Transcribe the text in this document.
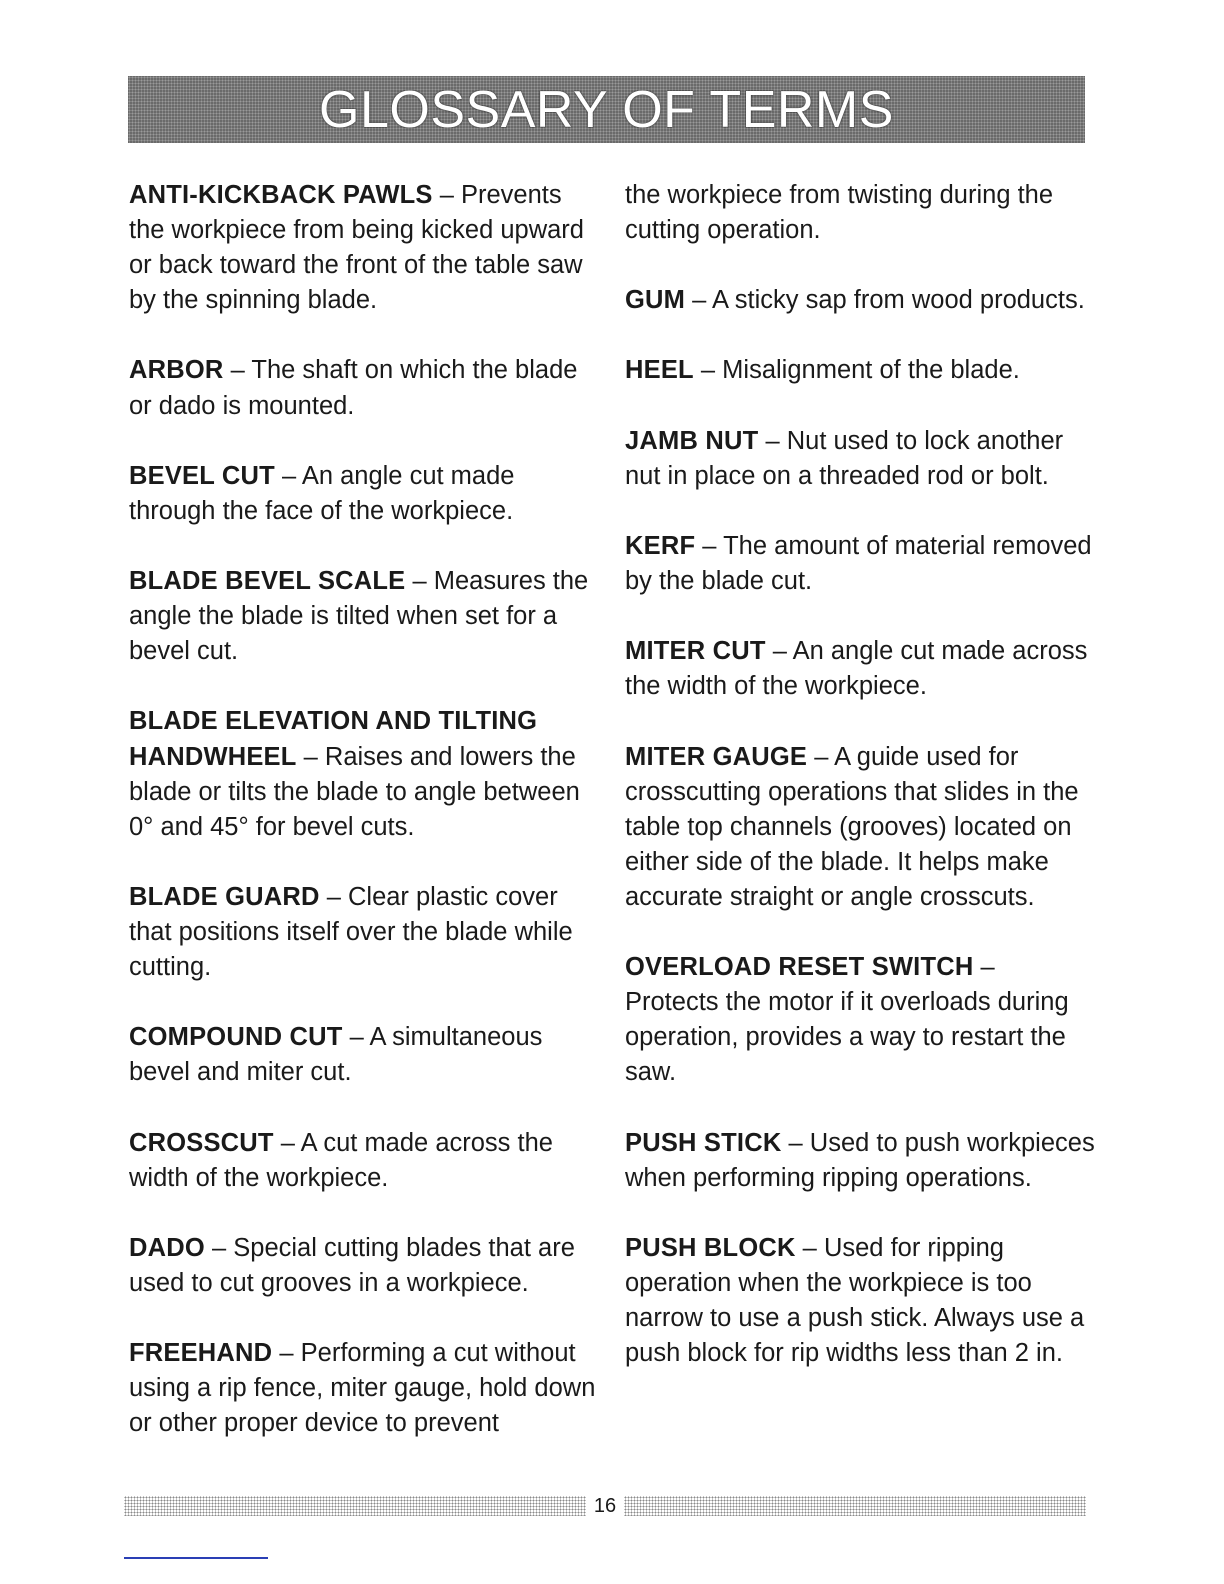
GLOSSARY OF TERMS

ANTI-KICKBACK PAWLS – Prevents the workpiece from being kicked upward or back toward the front of the table saw by the spinning blade.

ARBOR – The shaft on which the blade or dado is mounted.

BEVEL CUT – An angle cut made through the face of the workpiece.

BLADE BEVEL SCALE – Measures the angle the blade is tilted when set for a bevel cut.

BLADE ELEVATION AND TILTING HANDWHEEL – Raises and lowers the blade or tilts the blade to angle between 0° and 45° for bevel cuts.

BLADE GUARD – Clear plastic cover that positions itself over the blade while cutting.

COMPOUND CUT – A simultaneous bevel and miter cut.

CROSSCUT – A cut made across the width of the workpiece.

DADO – Special cutting blades that are used to cut grooves in a workpiece.

FREEHAND – Performing a cut without using a rip fence, miter gauge, hold down or other proper device to prevent

the workpiece from twisting during the cutting operation.

GUM – A sticky sap from wood products.

HEEL – Misalignment of the blade.

JAMB NUT – Nut used to lock another nut in place on a threaded rod or bolt.

KERF – The amount of material removed by the blade cut.

MITER CUT – An angle cut made across the width of the workpiece.

MITER GAUGE – A guide used for crosscutting operations that slides in the table top channels (grooves) located on either side of the blade. It helps make accurate straight or angle crosscuts.

OVERLOAD RESET SWITCH –
Protects the motor if it overloads during operation, provides a way to restart the saw.

PUSH STICK – Used to push workpieces when performing ripping operations.

PUSH BLOCK – Used for ripping operation when the workpiece is too narrow to use a push stick. Always use a push block for rip widths less than 2 in.

16
